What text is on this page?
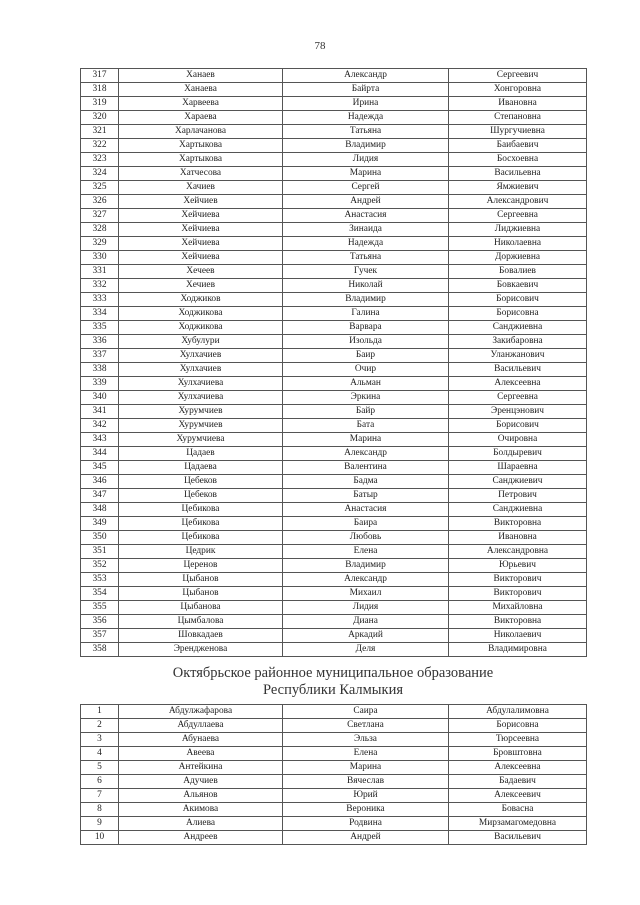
78
317	Ханаев	Александр	Сергеевич
318	Ханаева	Байрта	Хонгоровна
319	Харвеева	Ирина	Ивановна
320	Хараева	Надежда	Степановна
321	Харлачанова	Татьяна	Шургучиевна
322	Хартыкова	Владимир	Баибаевич
323	Хартыкова	Лидия	Босхоевна
324	Хатчесова	Марина	Васильевна
325	Хачиев	Сергей	Ямжиевич
326	Хейчиев	Андрей	Александрович
327	Хейчиева	Анастасия	Сергеевна
328	Хейчиева	Зинаида	Лиджиевна
329	Хейчиева	Надежда	Николаевна
330	Хейчиева	Татьяна	Доржиевна
331	Хечеев	Гучек	Бовалиев
332	Хечиев	Николай	Бовкаевич
333	Ходжиков	Владимир	Борисович
334	Ходжикова	Галина	Борисовна
335	Ходжикова	Варвара	Санджиевна
336	Хубулури	Изольда	Закибаровна
337	Хулхачиев	Баир	Уланжанович
338	Хулхачиев	Очир	Васильевич
339	Хулхачиева	Альман	Алексеевна
340	Хулхачиева	Эркина	Сергеевна
341	Хурумчиев	Байр	Эренцэнович
342	Хурумчиев	Бата	Борисович
343	Хурумчиева	Марина	Очировна
344	Цадаев	Александр	Болдыревич
345	Цадаева	Валентина	Шараевна
346	Цебеков	Бадма	Санджиевич
347	Цебеков	Батыр	Петрович
348	Цебикова	Анастасия	Санджиевна
349	Цебикова	Баира	Викторовна
350	Цебикова	Любовь	Ивановна
351	Цедрик	Елена	Александровна
352	Церенов	Владимир	Юрьевич
353	Цыбанов	Александр	Викторович
354	Цыбанов	Михаил	Викторович
355	Цыбанова	Лидия	Михайловна
356	Цымбалова	Диана	Викторовна
357	Шовкадаев	Аркадий	Николаевич
358	Эрендженова	Деля	Владимировна
Октябрьское районное муниципальное образование
Республики Калмыкия
1	Абдулжафарова	Саира	Абдулалимовна
2	Абдуллаева	Светлана	Борисовна
3	Абунаева	Эльза	Тюрсеевна
4	Авеева	Елена	Бровштовна
5	Антейкина	Марина	Алексеевна
6	Адучиев	Вячеслав	Бадаевич
7	Альянов	Юрий	Алексеевич
8	Акимова	Вероника	Бовасна
9	Алиева	Родвина	Мирзамагомедовна
10	Андреев	Андрей	Васильевич
